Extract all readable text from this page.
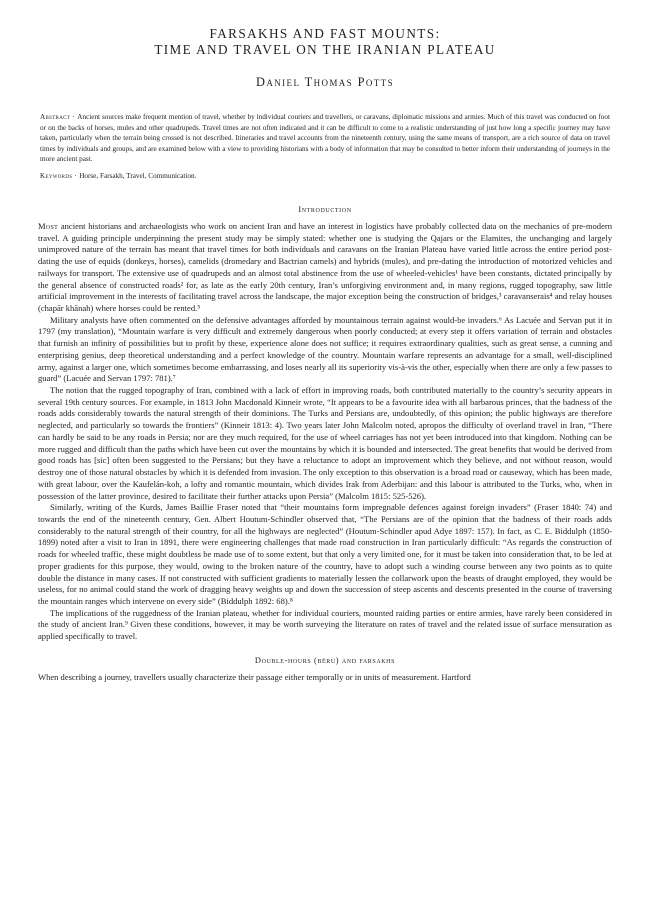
FARSAKHS AND FAST MOUNTS:
TIME AND TRAVEL ON THE IRANIAN PLATEAU
Daniel Thomas Potts
Abstract · Ancient sources make frequent mention of travel, whether by individual couriers and travellers, or caravans, diplomatic missions and armies. Much of this travel was conducted on foot or on the backs of horses, mules and other quadrupeds. Travel times are not often indicated and it can be difficult to come to a realistic understanding of just how long a specific journey may have taken, particularly when the terrain being crossed is not described. Itineraries and travel accounts from the nineteenth century, using the same means of transport, are a rich source of data on travel times by individuals and groups, and are examined below with a view to providing historians with a body of information that may be consulted to better inform their understanding of journeys in the more ancient past.
Keywords · Horse, Farsakh, Travel, Communication.
Introduction

Most ancient historians and archaeologists who work on ancient Iran and have an interest in logistics have probably collected data on the mechanics of pre-modern travel. A guiding principle underpinning the present study may be simply stated: whether one is studying the Qajars or the Elamites, the unchanging and largely unimproved nature of the terrain has meant that travel times for both individuals and caravans on the Iranian Plateau have varied little across the entire period post-dating the use of equids (donkeys, horses), camelids (dromedary and Bactrian camels) and hybrids (mules), and pre-dating the introduction of motorized vehicles and railways for transport. The extensive use of quadrupeds and an almost total abstinence from the use of wheeled-vehicles¹ have been constants, dictated principally by the general absence of constructed roads² for, as late as the early 20th century, Iran’s unforgiving environment and, in many regions, rugged topography, saw little artificial improvement in the interests of facilitating travel across the landscape, the major exception being the construction of bridges,³ caravanserais⁴ and relay houses (chapār khānah) where horses could be rented.⁵

Military analysts have often commented on the defensive advantages afforded by mountainous terrain against would-be invaders.⁶ As Lacuée and Servan put it in 1797 (my translation), “Mountain warfare is very difficult and extremely dangerous when poorly conducted; at every step it offers variation of terrain and obstacles that furnish an infinity of possibilities but to profit by these, experience alone does not suffice; it requires extraordinary qualities, such as great sense, a cunning and enterprising genius, deep theoretical understanding and a perfect knowledge of the country. Mountain warfare represents an advantage for a small, well-disciplined army, against a larger one, which sometimes become embarrassing, and loses nearly all its superiority vis-à-vis the other, especially when there are only a few passes to guard” (Lacuée and Servan 1797: 781).⁷

The notion that the rugged topography of Iran, combined with a lack of effort in improving roads, both contributed materially to the country’s security appears in several 19th century sources. For example, in 1813 John Macdonald Kinneir wrote, “It appears to be a favourite idea with all barbarous princes, that the badness of the roads adds considerably towards the natural strength of their dominions. The Turks and Persians are, undoubtedly, of this opinion; the public highways are therefore neglected, and particularly so towards the frontiers” (Kinneir 1813: 4). Two years later John Malcolm noted, apropos the difficulty of overland travel in Iran, “There can hardly be said to be any roads in Persia; nor are they much required, for the use of wheel carriages has not yet been introduced into that kingdom. Nothing can be more rugged and difficult than the paths which have been cut over the mountains by which it is bounded and intersected. The great benefits that would be derived from good roads has [sic] often been suggested to the Persians; but they have a reluctance to adopt an improvement which they believe, and not without reason, would destroy one of those natural obstacles by which it is defended from invasion. The only exception to this observation is a broad road or causeway, which has been made, with great labour, over the Kaufelán-koh, a lofty and romantic mountain, which divides Irak from Aderbijan: and this labour is attributed to the Turks, who, when in possession of the latter province, desired to facilitate their further attacks upon Persia” (Malcolm 1815: 525-526).

Similarly, writing of the Kurds, James Baillie Fraser noted that “their mountains form impregnable defences against foreign invaders” (Fraser 1840: 74) and towards the end of the nineteenth century, Gen. Albert Houtum-Schindler observed that, “The Persians are of the opinion that the badness of their roads adds considerably to the natural strength of their country, for all the highways are neglected” (Houtum-Schindler apud Adye 1897: 157). In fact, as C. E. Biddulph (1850-1899) noted after a visit to Iran in 1891, there were engineering challenges that made road construction in Iran particularly difficult: “As regards the construction of roads for wheeled traffic, these might doubtless be made use of to some extent, but that only a very limited one, for it must be taken into consideration that, to be led at proper gradients for this purpose, they would, owing to the broken nature of the country, have to adopt such a winding course between any two points as to quite double the distance in many cases. If not constructed with sufficient gradients to materially lessen the collarwork upon the beasts of draught employed, they would be useless, for no animal could stand the work of dragging heavy weights up and down the succession of steep ascents and descents presented in the course of traversing the mountain ranges which intervene on every side” (Biddulph 1892: 68).⁸

The implications of the ruggedness of the Iranian plateau, whether for individual couriers, mounted raiding parties or entire armies, have rarely been considered in the study of ancient Iran.⁹ Given these conditions, however, it may be worth surveying the literature on rates of travel and the related issue of surface mensuration as applied specifically to travel.

Double-hours (bēru) and farsakhs

When describing a journey, travellers usually characterize their passage either temporally or in units of measurement. Hartford
